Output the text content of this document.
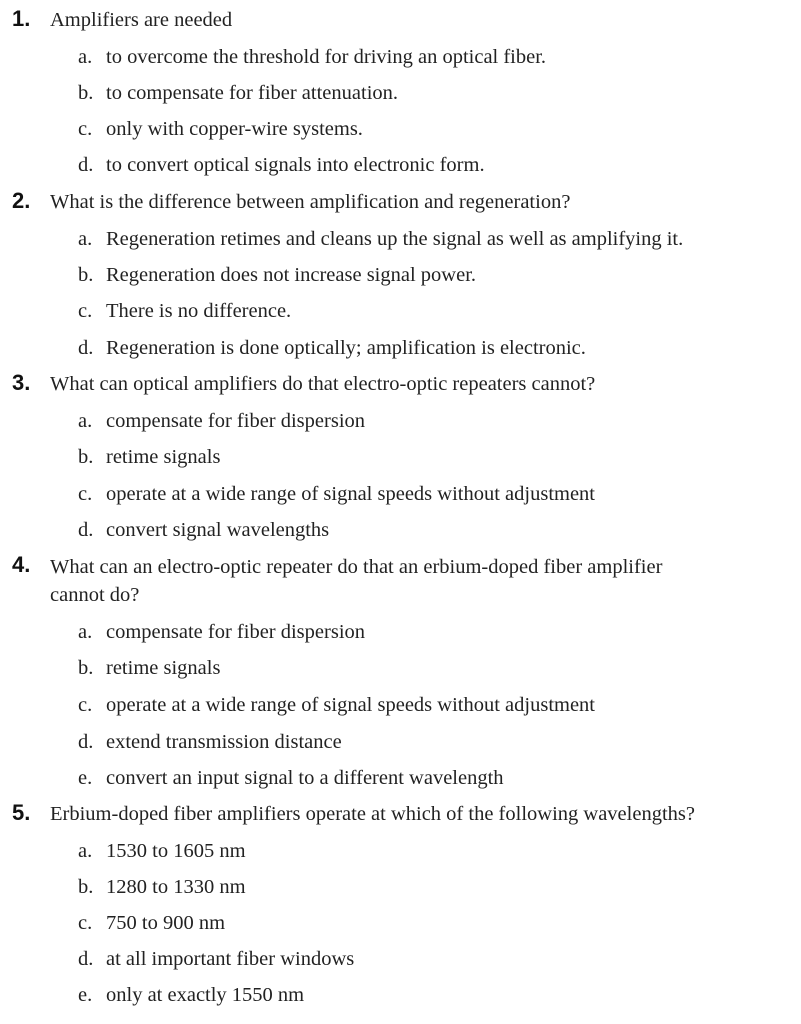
1. Amplifiers are needed
a. to overcome the threshold for driving an optical fiber.
b. to compensate for fiber attenuation.
c. only with copper-wire systems.
d. to convert optical signals into electronic form.
2. What is the difference between amplification and regeneration?
a. Regeneration retimes and cleans up the signal as well as amplifying it.
b. Regeneration does not increase signal power.
c. There is no difference.
d. Regeneration is done optically; amplification is electronic.
3. What can optical amplifiers do that electro-optic repeaters cannot?
a. compensate for fiber dispersion
b. retime signals
c. operate at a wide range of signal speeds without adjustment
d. convert signal wavelengths
4. What can an electro-optic repeater do that an erbium-doped fiber amplifier
cannot do?
a. compensate for fiber dispersion
b. retime signals
c. operate at a wide range of signal speeds without adjustment
d. extend transmission distance
e. convert an input signal to a different wavelength
5. Erbium-doped fiber amplifiers operate at which of the following wavelengths?
a. 1530 to 1605 nm
b. 1280 to 1330 nm
c. 750 to 900 nm
d. at all important fiber windows
e. only at exactly 1550 nm
